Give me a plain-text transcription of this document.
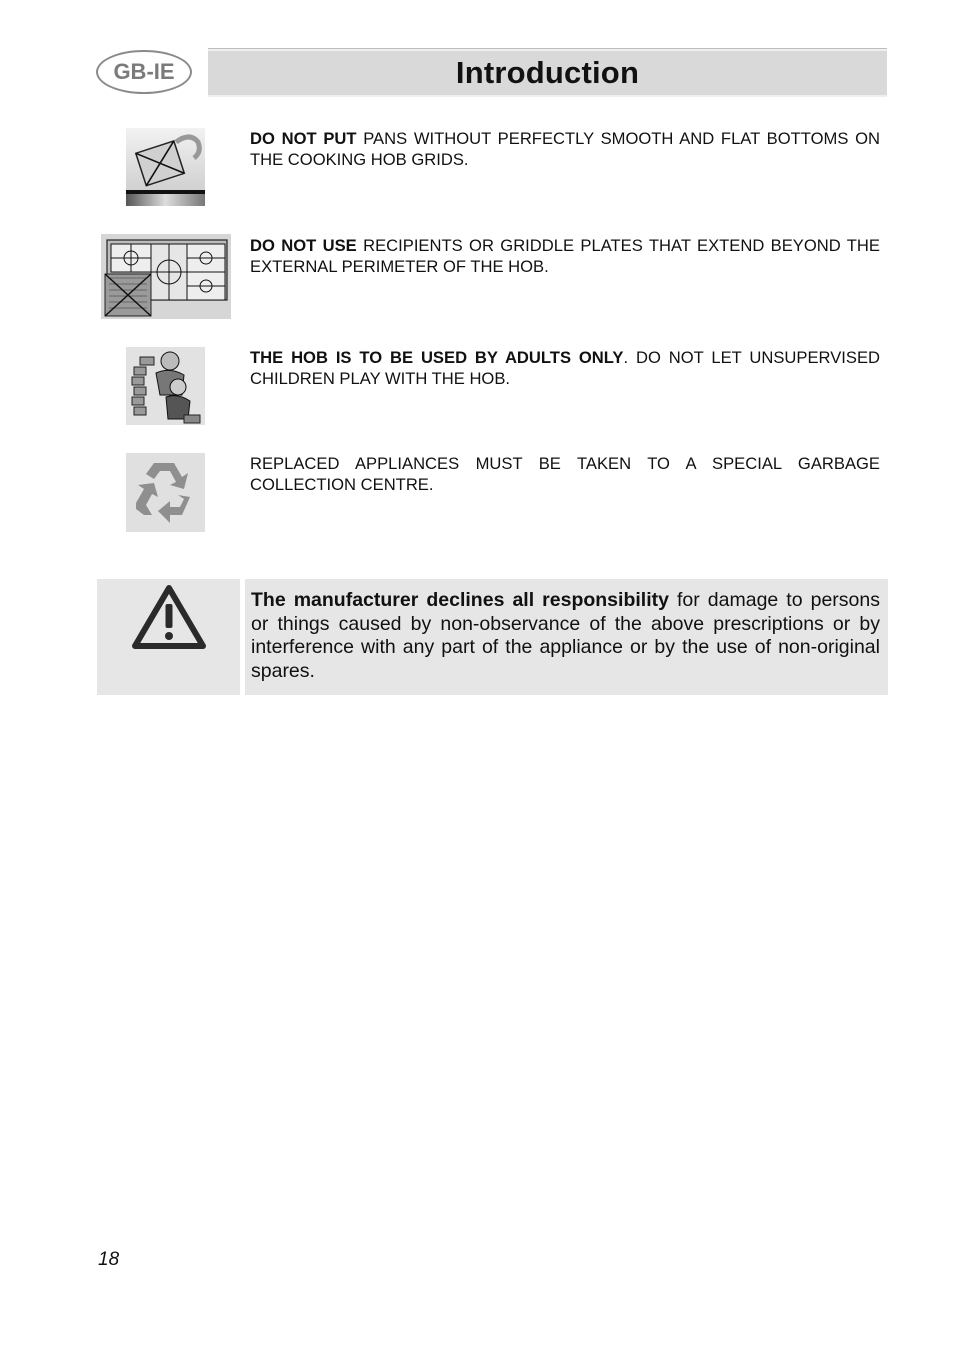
GB-IE	Introduction
DO NOT PUT PANS WITHOUT PERFECTLY SMOOTH AND FLAT BOTTOMS ON THE COOKING HOB GRIDS.
DO NOT USE RECIPIENTS OR GRIDDLE PLATES THAT EXTEND BEYOND THE EXTERNAL PERIMETER OF THE HOB.
THE HOB IS TO BE USED BY ADULTS ONLY. DO NOT LET UNSUPERVISED CHILDREN PLAY WITH THE HOB.
REPLACED APPLIANCES MUST BE TAKEN TO A SPECIAL GARBAGE COLLECTION CENTRE.

The manufacturer declines all responsibility for damage to persons or things caused by non-observance of the above prescriptions or by interference with any part of the appliance or by the use of non-original spares.

18
